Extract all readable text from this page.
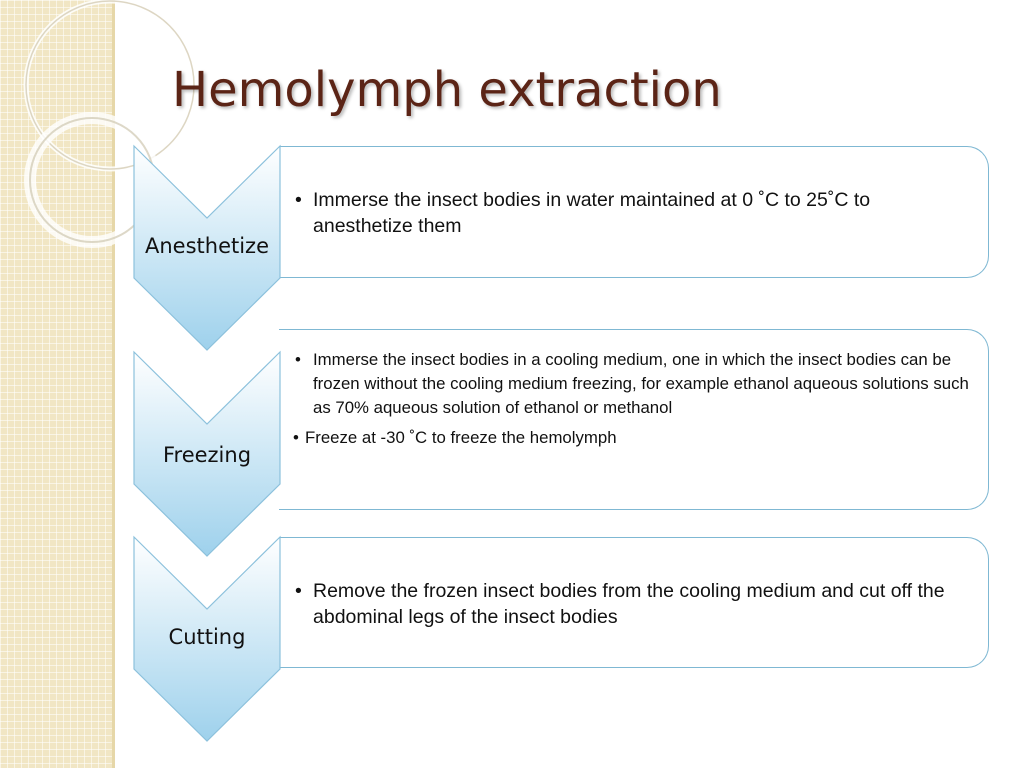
Hemolymph extraction
• Immerse the insect bodies in water maintained at 0 ˚C to 25˚C to anesthetize them
Anesthetize
• Immerse the insect bodies in a cooling medium, one in which the insect bodies can be frozen without the cooling medium freezing, for example ethanol aqueous solutions such as 70% aqueous solution of ethanol or methanol
• Freeze at -30 ˚C to freeze the hemolymph
Freezing
• Remove the frozen insect bodies from the cooling medium and cut off the abdominal legs of the insect bodies
Cutting
